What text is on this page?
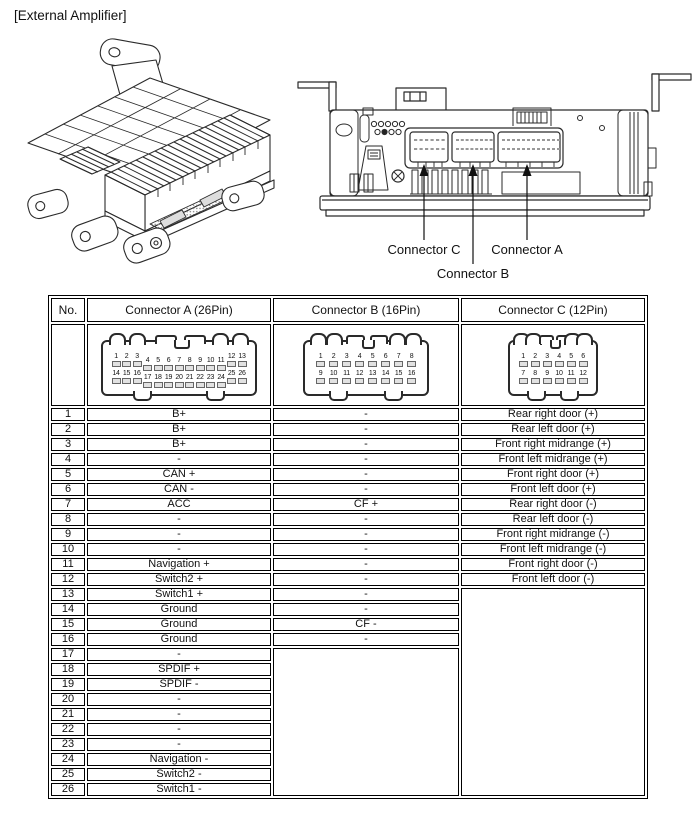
[External Amplifier]
Connector C Connector A
Connector B
No.	Connector A (26Pin)	Connector B (16Pin)	Connector C (12Pin)

1 2 3
4 5 6 7 8 9 10 11
12 13
14 15 16
17 18 19 20 21 22 23 24
25 26

1 2 3 4 5 6 7 8
9 10 11 12 13 14 15 16

1 2 3 4 5 6
7 8 9 10 11 12

1	B+	-	Rear right door (+)
2	B+	-	Rear left door (+)
3	B+	-	Front right midrange (+)
4	-	-	Front left midrange (+)
5	CAN +	-	Front right door (+)
6	CAN -	-	Front left door (+)
7	ACC	CF +	Rear right door (-)
8	-	-	Rear left door (-)
9	-	-	Front right midrange (-)
10	-	-	Front left midrange (-)
11	Navigation +	-	Front right door (-)
12	Switch2 +	-	Front left door (-)
13	Switch1 +	-	
14	Ground	-	
15	Ground	CF -	
16	Ground	-	
17	-		
18	SPDIF +		
19	SPDIF -		
20	-		
21	-		
22	-		
23	-		
24	Navigation -		
25	Switch2 -		
26	Switch1 -		
